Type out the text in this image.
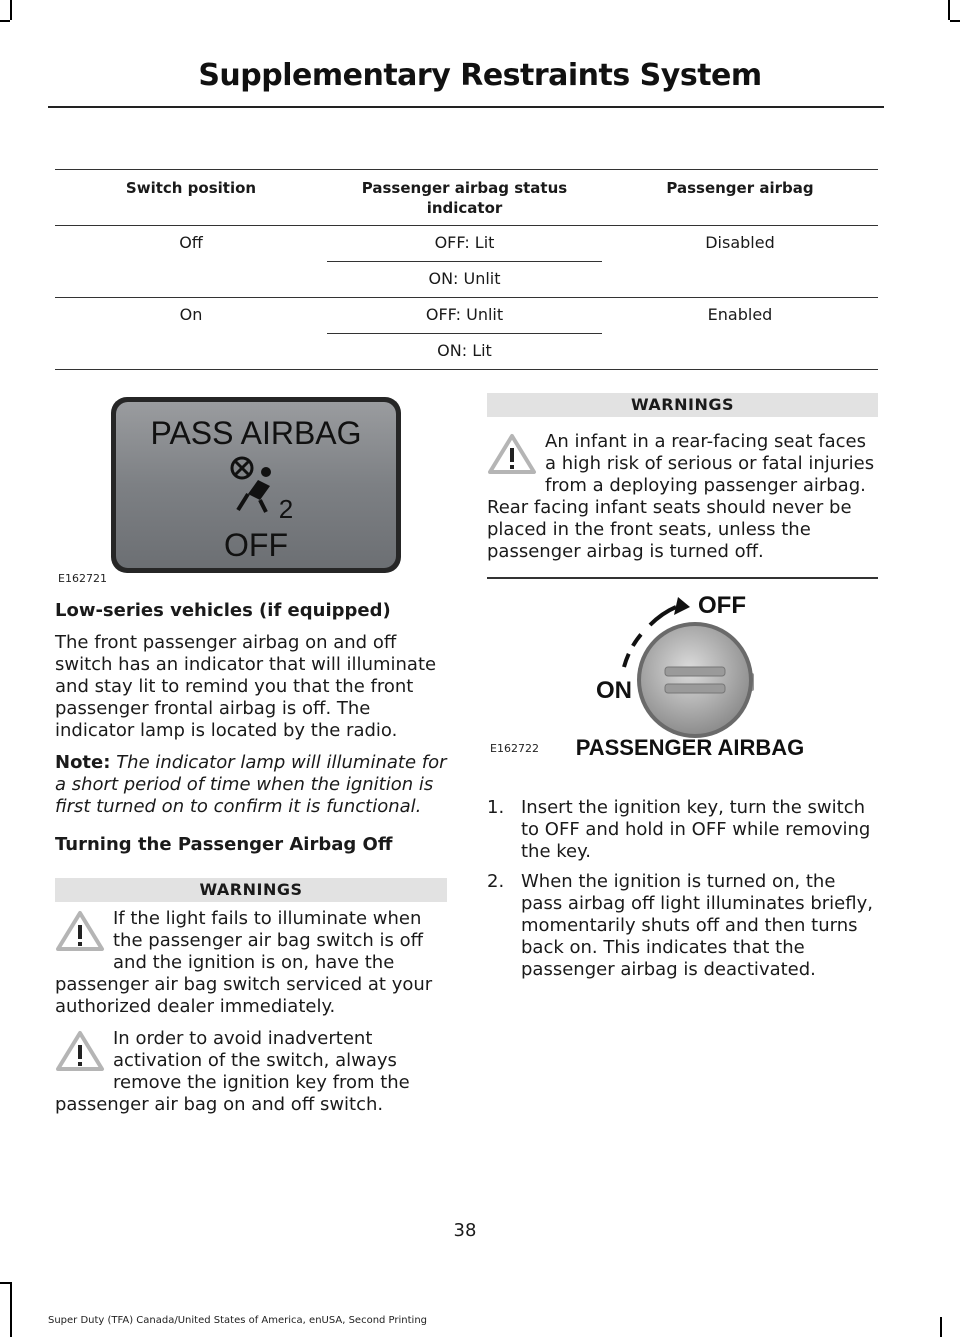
Supplementary Restraints System
Switch position	Passenger airbag status indicator	Passenger airbag
Off	OFF: Lit	Disabled
	ON: Unlit	
On	OFF: Unlit	Enabled
	ON: Lit	
PASS AIRBAG
2
OFF
E162721

Low-series vehicles (if equipped)

The front passenger airbag on and off switch has an indicator that will illuminate and stay lit to remind you that the front passenger frontal airbag is off. The indicator lamp is located by the radio.

Note: The indicator lamp will illuminate for a short period of time when the ignition is first turned on to confirm it is functional.

Turning the Passenger Airbag Off

WARNINGS

If the light fails to illuminate when the passenger air bag switch is off and the ignition is on, have the passenger air bag switch serviced at your authorized dealer immediately.

In order to avoid inadvertent activation of the switch, always remove the ignition key from the passenger air bag on and off switch.

WARNINGS

An infant in a rear-facing seat faces a high risk of serious or fatal injuries from a deploying passenger airbag. Rear facing infant seats should never be placed in the front seats, unless the passenger airbag is turned off.

OFF
ON
PASSENGER AIRBAG
E162722
1. Insert the ignition key, turn the switch to OFF and hold in OFF while removing the key.
2. When the ignition is turned on, the pass airbag off light illuminates briefly, momentarily shuts off and then turns back on. This indicates that the passenger airbag is deactivated.
38
Super Duty (TFA) Canada/United States of America, enUSA, Second Printing
